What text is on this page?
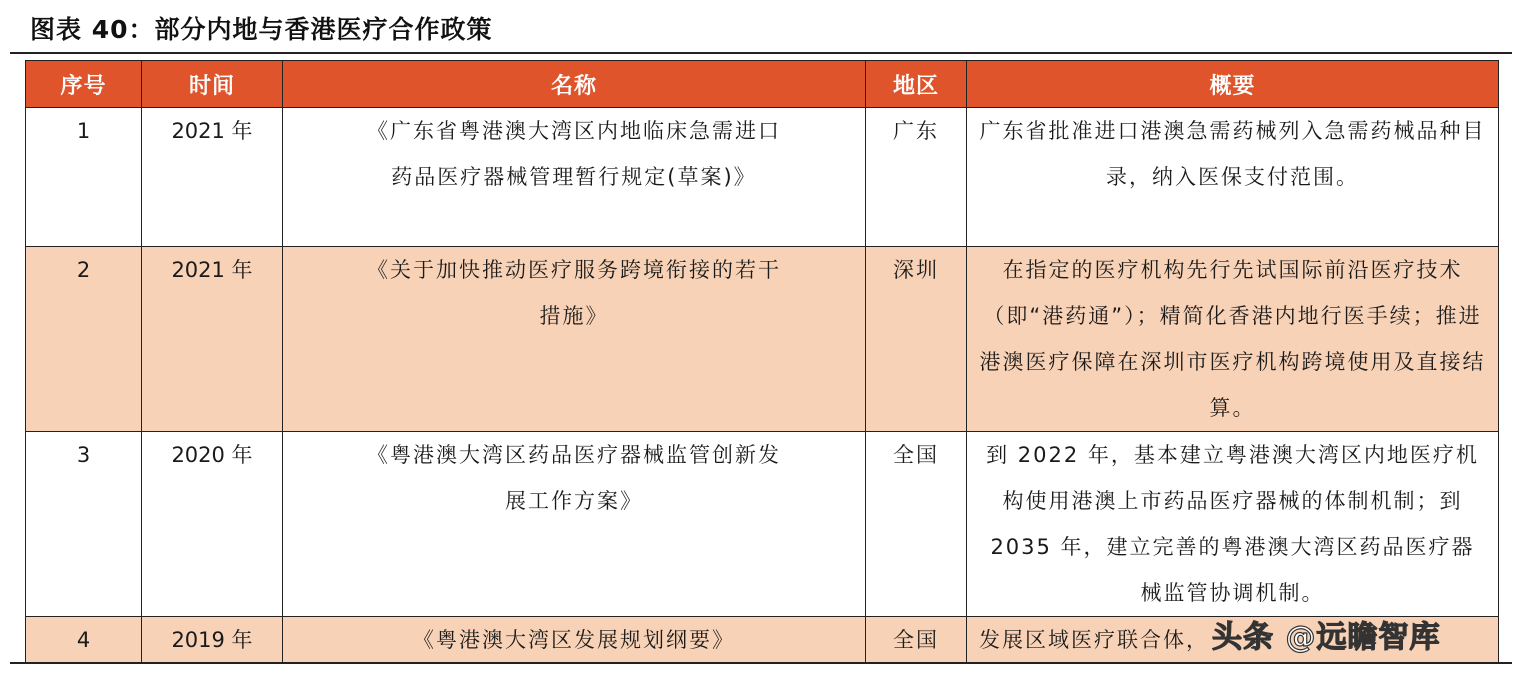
图表 40：部分内地与香港医疗合作政策
序号	时间	名称	地区	概要

1	2021 年	《广东省粤港澳大湾区内地临床急需进口药品医疗器械管理暂行规定(草案)》	广东	广东省批准进口港澳急需药械列入急需药械品种目录，纳入医保支付范围。

2	2021 年	《关于加快推动医疗服务跨境衔接的若干措施》	深圳	在指定的医疗机构先行先试国际前沿医疗技术（即“港药通”）；精简化香港内地行医手续；推进港澳医疗保障在深圳市医疗机构跨境使用及直接结算。

3	2020 年	《粤港澳大湾区药品医疗器械监管创新发展工作方案》	全国	到 2022 年，基本建立粤港澳大湾区内地医疗机构使用港澳上市药品医疗器械的体制机制；到 2035 年，建立完善的粤港澳大湾区药品医疗器械监管协调机制。

4	2019 年	《粤港澳大湾区发展规划纲要》	全国	发展区域医疗联合体， 头条 @远瞻智库
